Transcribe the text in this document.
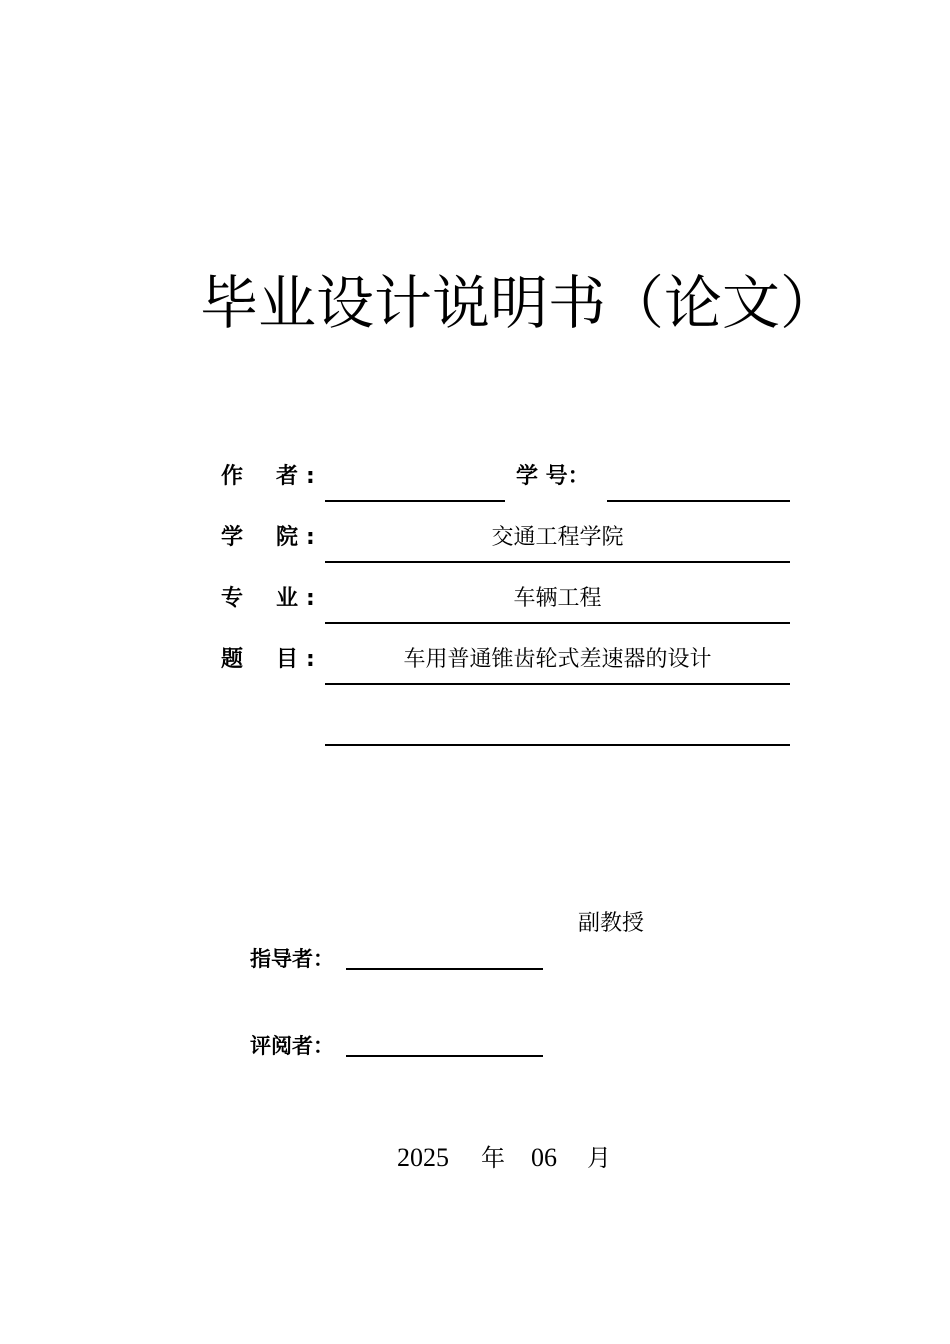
毕业设计说明书（论文）
作 者 :	学 号：
学 院 :	交通工程学院
专 业 :	车辆工程
题 目 :	车用普通锥齿轮式差速器的设计
副教授
指导者：
评阅者：
2025 年 06 月
